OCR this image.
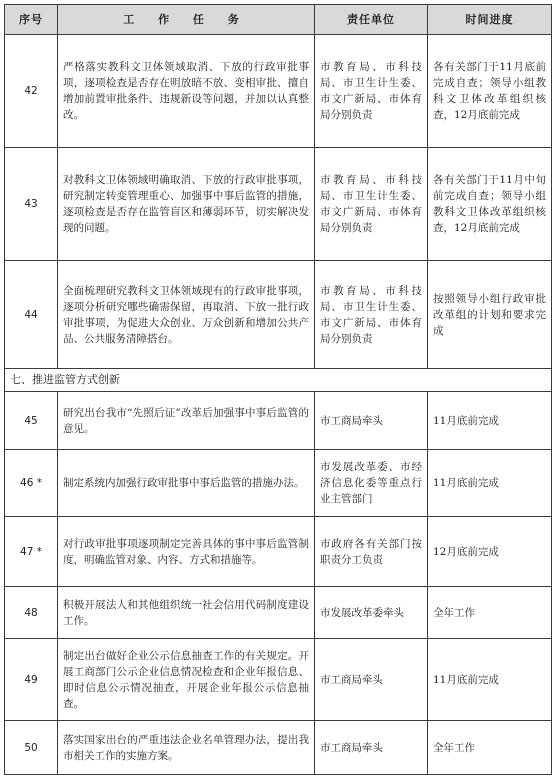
序号	工 作 任 务	责任单位	时间进度
42	严格落实教科文卫体领域取消、下放的行政审批事项，逐项检查是否存在明放暗不放、变相审批、擅自增加前置审批条件、违规新设等问题，并加以认真整改。	市教育局、市科技局、市卫生计生委、市文广新局、市体育局分别负责	各有关部门于11月底前完成自查；领导小组教科文卫体改革组织核查，12月底前完成
43	对教科文卫体领域明确取消、下放的行政审批事项，研究制定转变管理重心、加强事中事后监管的措施，逐项检查是否存在监管盲区和薄弱环节，切实解决发现的问题。	市教育局、市科技局、市卫生计生委、市文广新局、市体育局分别负责	各有关部门于11月中旬前完成自查；领导小组教科文卫体改革组织核查，12月底前完成
44	全面梳理研究教科文卫体领域现有的行政审批事项，逐项分析研究哪些确需保留，再取消、下放一批行政审批事项，为促进大众创业、万众创新和增加公共产品、公共服务清障搭台。	市教育局、市科技局、市卫生计生委、市文广新局、市体育局分别负责	按照领导小组行政审批改革组的计划和要求完成
七、推进监管方式创新			
45	研究出台我市“先照后证”改革后加强事中事后监管的意见。	市工商局牵头	11月底前完成
46 *	制定系统内加强行政审批事中事后监管的措施办法。	市发展改革委、市经济信息化委等重点行业主管部门	11月底前完成
47 *	对行政审批事项逐项制定完善具体的事中事后监管制度，明确监管对象、内容、方式和措施等。	市政府各有关部门按职责分工负责	12月底前完成
48	积极开展法人和其他组织统一社会信用代码制度建设工作。	市发展改革委牵头	全年工作
49	制定出台做好企业公示信息抽查工作的有关规定。开展工商部门公示企业信息情况检查和企业年报信息、即时信息公示情况抽查，开展企业年报公示信息抽查。	市工商局牵头	11月底前完成
50	落实国家出台的严重违法企业名单管理办法，提出我市相关工作的实施方案。	市工商局牵头	全年工作
